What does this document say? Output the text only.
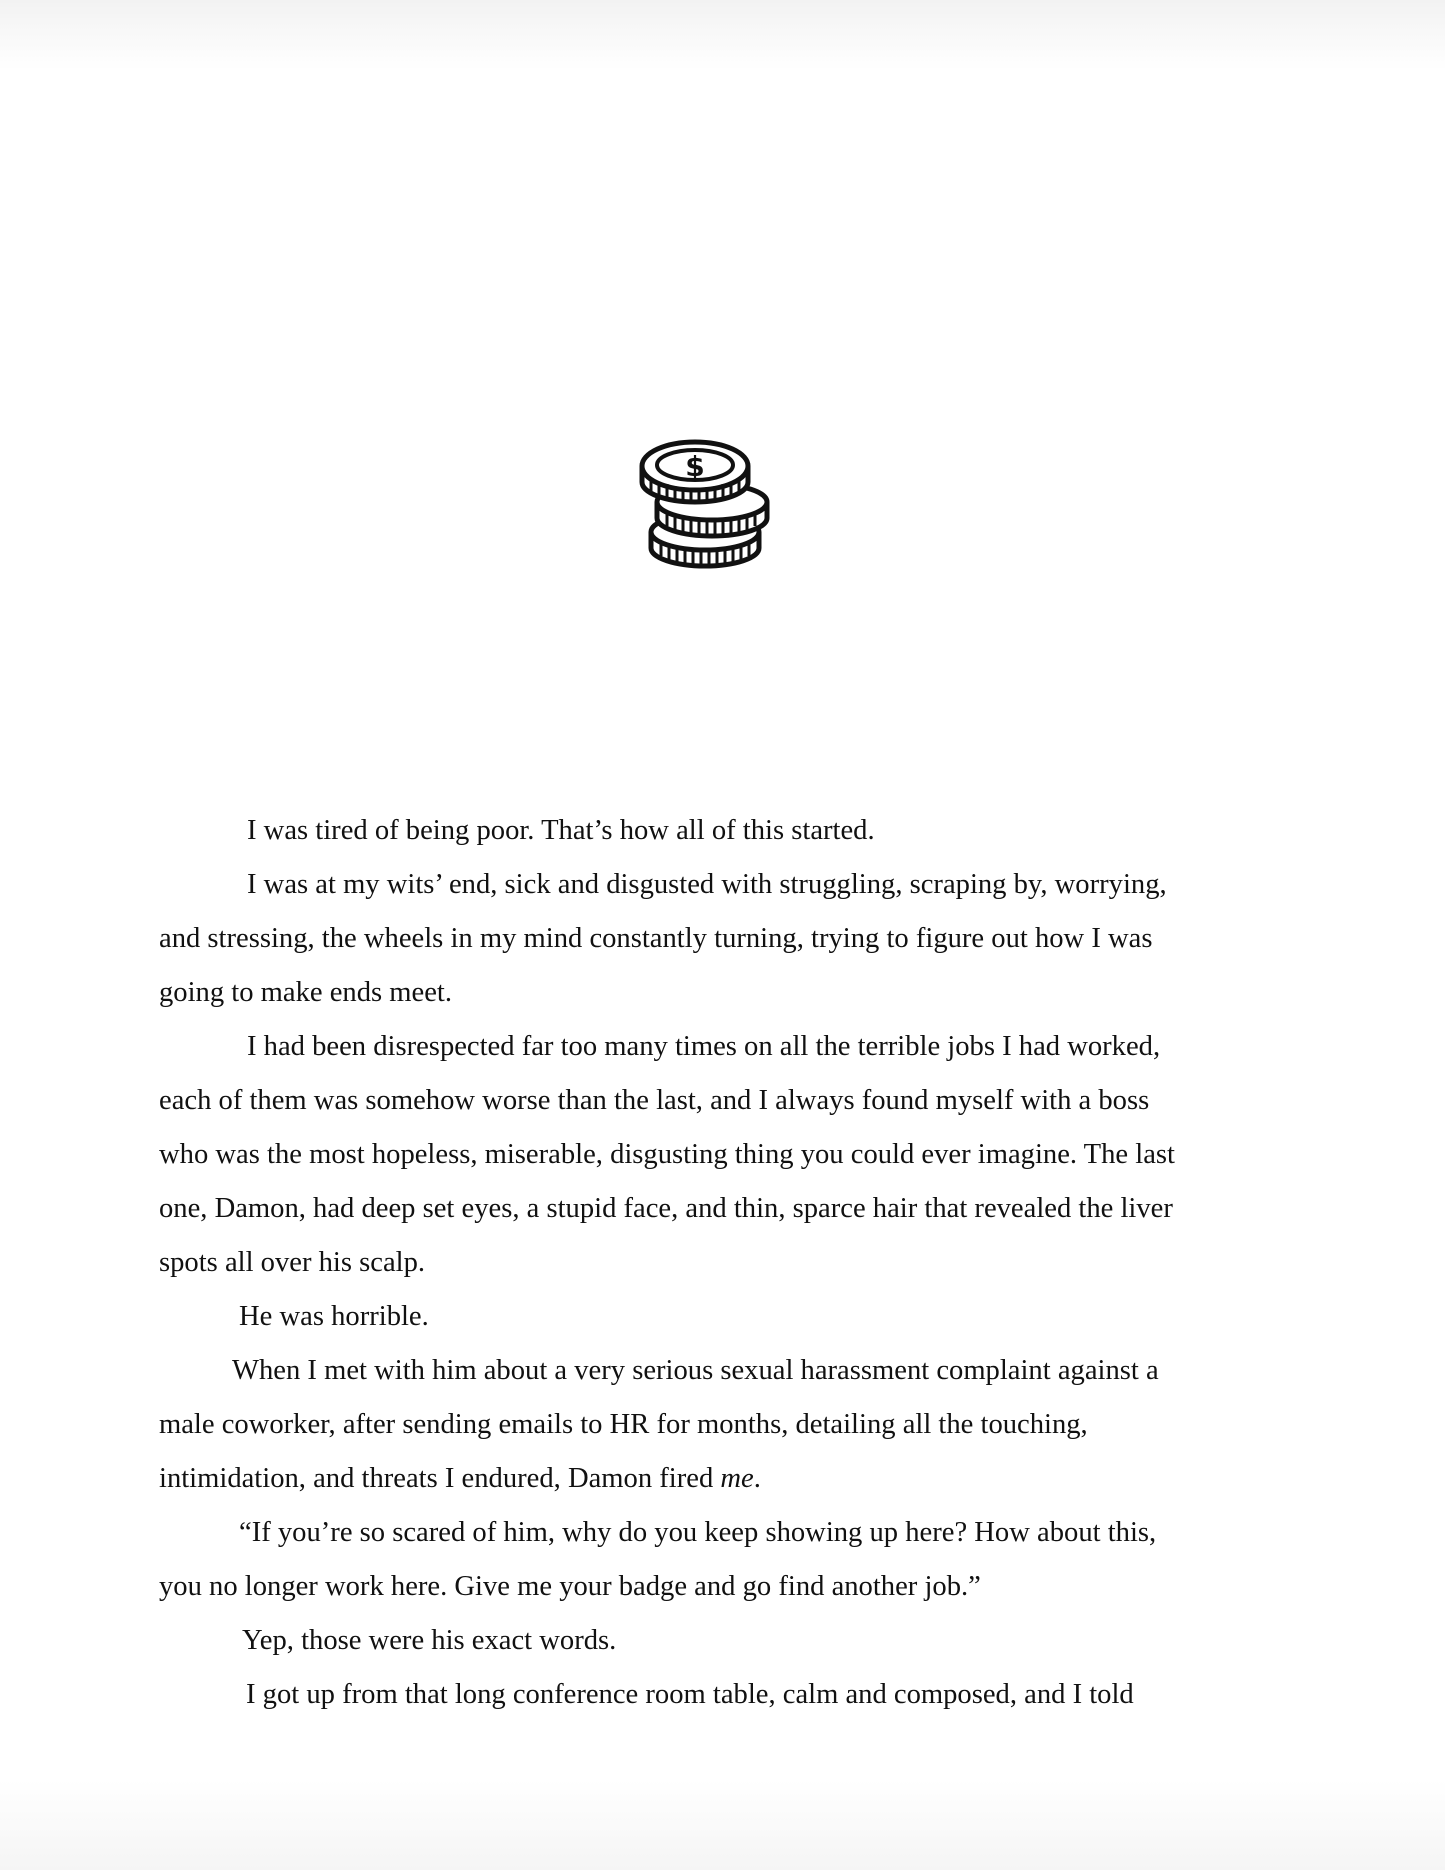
$
I was tired of being poor. That’s how all of this started.
I was at my wits’ end, sick and disgusted with struggling, scraping by, worrying,
and stressing, the wheels in my mind constantly turning, trying to figure out how I was
going to make ends meet.
I had been disrespected far too many times on all the terrible jobs I had worked,
each of them was somehow worse than the last, and I always found myself with a boss
who was the most hopeless, miserable, disgusting thing you could ever imagine. The last
one, Damon, had deep set eyes, a stupid face, and thin, sparce hair that revealed the liver
spots all over his scalp.
He was horrible.
When I met with him about a very serious sexual harassment complaint against a
male coworker, after sending emails to HR for months, detailing all the touching,
intimidation, and threats I endured, Damon fired me.
“If you’re so scared of him, why do you keep showing up here? How about this,
you no longer work here. Give me your badge and go find another job.”
Yep, those were his exact words.
I got up from that long conference room table, calm and composed, and I told
